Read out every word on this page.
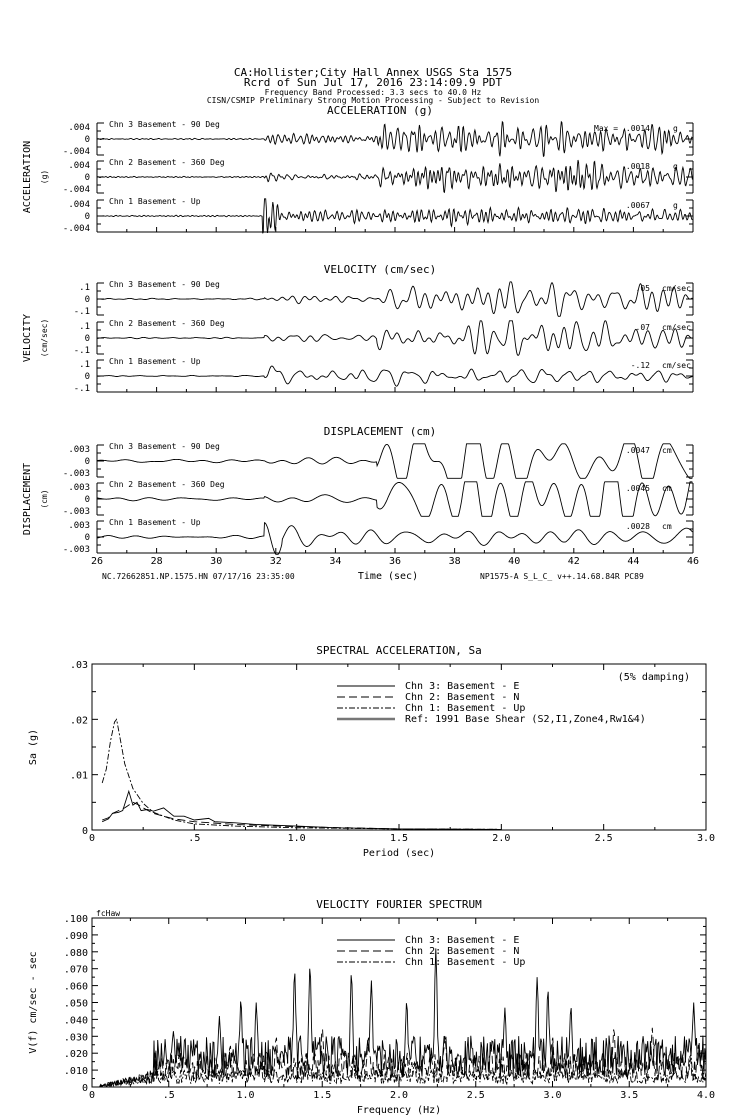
CA:Hollister;City Hall Annex USGS Sta 1575
Rcrd of Sun Jul 17, 2016 23:14:09.9 PDT
Frequency Band Processed: 3.3 secs to 40.0 Hz
CISN/CSMIP Preliminary Strong Motion Processing - Subject to Revision
ACCELERATION (g)
ACCELERATION (g)
.004
0
-.004
Chn 3 Basement - 90 Deg	Max = .0014	g
.004
0
-.004
Chn 2 Basement - 360 Deg	.0018	g
.004
0
-.004
Chn 1 Basement - Up	.0067	g
VELOCITY (cm/sec)
VELOCITY (cm/sec)
.1
0
-.1
Chn 3 Basement - 90 Deg	.05 cm/sec
.1
0
-.1
Chn 2 Basement - 360 Deg	.07 cm/sec
.1
0
-.1
Chn 1 Basement - Up	-.12 cm/sec
DISPLACEMENT (cm)
DISPLACEMENT (cm)
.003
0
-.003
Chn 3 Basement - 90 Deg	.0047 cm
.003
0
-.003
Chn 2 Basement - 360 Deg	.0045 cm
.003
0
-.003
Chn 1 Basement - Up	.0028 cm
26	28	30	32	34	36	38	40	42	44	46
Time (sec)
NC.72662851.NP.1575.HN 07/17/16 23:35:00	NP1575-A S_L_C_ v++.14.68.84R PC89
SPECTRAL ACCELERATION, Sa
0	.5	1.0	1.5	2.0	2.5	3.0
0
.01
.02
.03
Period (sec)
Sa (g)
Chn 3: Basement - E
Chn 2: Basement - N
Chn 1: Basement - Up
Ref: 1991 Base Shear (S2,I1,Zone4,Rw1&4)
(5% damping)
VELOCITY FOURIER SPECTRUM
0	.5	1.0	1.5	2.0	2.5	3.0	3.5	4.0
0
.010
.020
.030
.040
.050
.060
.070
.080
.090
.100
Frequency (Hz)
V(f) cm/sec - sec
Chn 3: Basement - E
Chn 2: Basement - N
Chn 1: Basement - Up
fcHaw
